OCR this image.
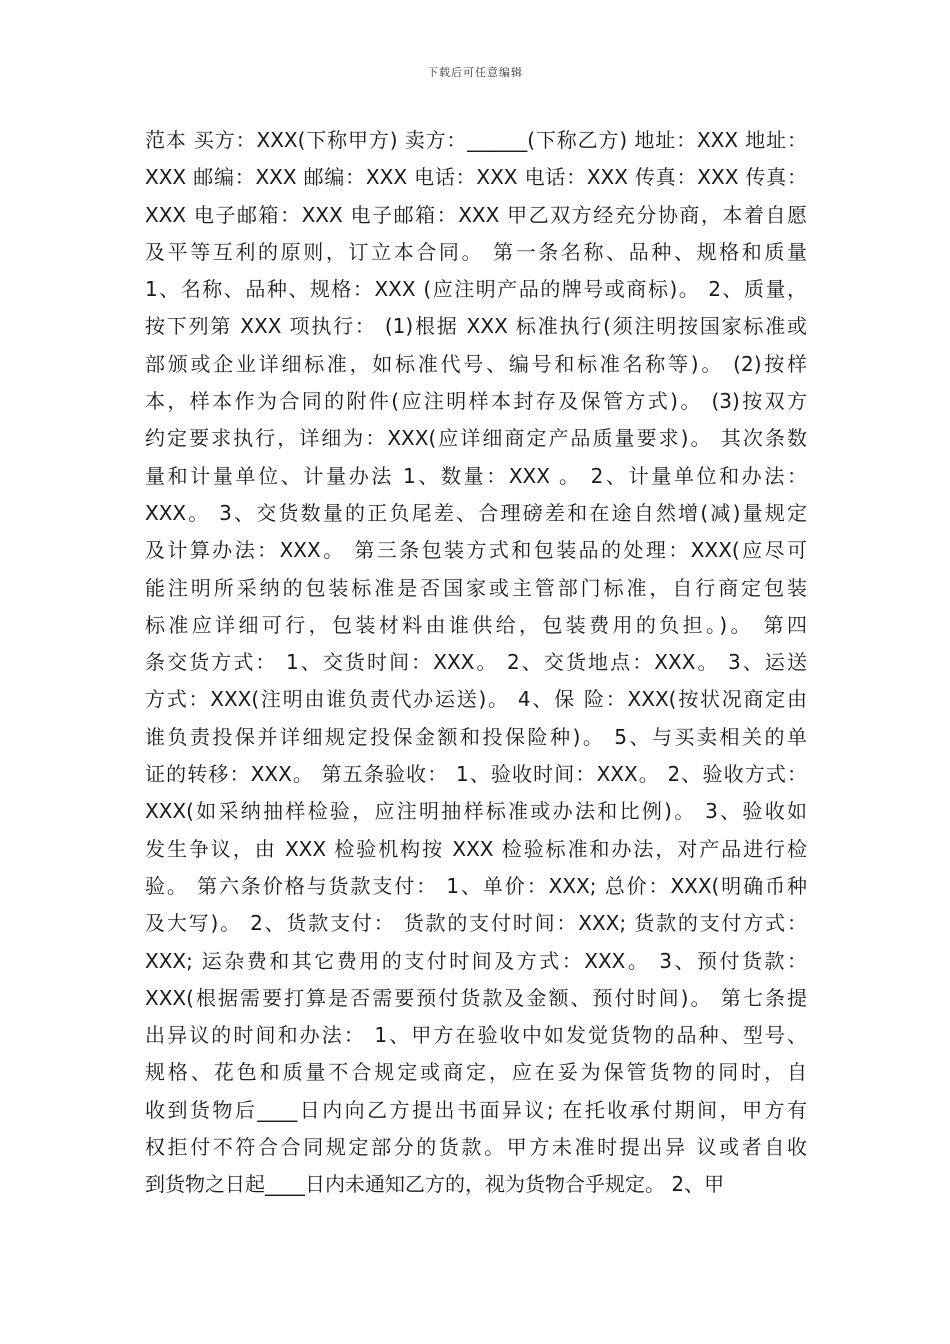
下载后可任意编辑
范本 买方：XXX(下称甲方) 卖方：______(下称乙方) 地址：XXX 地址：
XXX 邮编：XXX 邮编：XXX 电话：XXX 电话：XXX 传真：XXX 传真：
XXX 电子邮箱：XXX 电子邮箱：XXX 甲乙双方经充分协商，本着自愿
及平等互利的原则，订立本合同。 第一条名称、品种、规格和质量
1、名称、品种、规格：XXX (应注明产品的牌号或商标)。 2、质量，
按下列第 XXX 项执行： (1)根据 XXX 标准执行(须注明按国家标准或
部颁或企业详细标准，如标准代号、编号和标准名称等)。 (2)按样
本，样本作为合同的附件(应注明样本封存及保管方式)。 (3)按双方
约定要求执行，详细为：XXX(应详细商定产品质量要求)。 其次条数
量和计量单位、计量办法 1、数量：XXX 。 2、计量单位和办法：
XXX。 3、交货数量的正负尾差、合理磅差和在途自然增(减)量规定
及计算办法：XXX。 第三条包装方式和包装品的处理：XXX(应尽可
能注明所采纳的包装标准是否国家或主管部门标准，自行商定包装
标准应详细可行，包装材料由谁供给，包装费用的负担。)。 第四
条交货方式： 1、交货时间：XXX。 2、交货地点：XXX。 3、运送
方式：XXX(注明由谁负责代办运送)。 4、保 险：XXX(按状况商定由
谁负责投保并详细规定投保金额和投保险种)。 5、与买卖相关的单
证的转移：XXX。 第五条验收： 1、验收时间：XXX。 2、验收方式：
XXX(如采纳抽样检验，应注明抽样标准或办法和比例)。 3、验收如
发生争议，由 XXX 检验机构按 XXX 检验标准和办法，对产品进行检
验。 第六条价格与货款支付： 1、单价：XXX; 总价：XXX(明确币种
及大写)。 2、货款支付： 货款的支付时间：XXX; 货款的支付方式：
XXX; 运杂费和其它费用的支付时间及方式：XXX。 3、预付货款：
XXX(根据需要打算是否需要预付货款及金额、预付时间)。 第七条提
出异议的时间和办法： 1、甲方在验收中如发觉货物的品种、型号、
规格、花色和质量不合规定或商定，应在妥为保管货物的同时，自
收到货物后____日内向乙方提出书面异议; 在托收承付期间，甲方有
权拒付不符合合同规定部分的货款。甲方未准时提出异 议或者自收
到货物之日起____日内未通知乙方的，视为货物合乎规定。 2、甲
